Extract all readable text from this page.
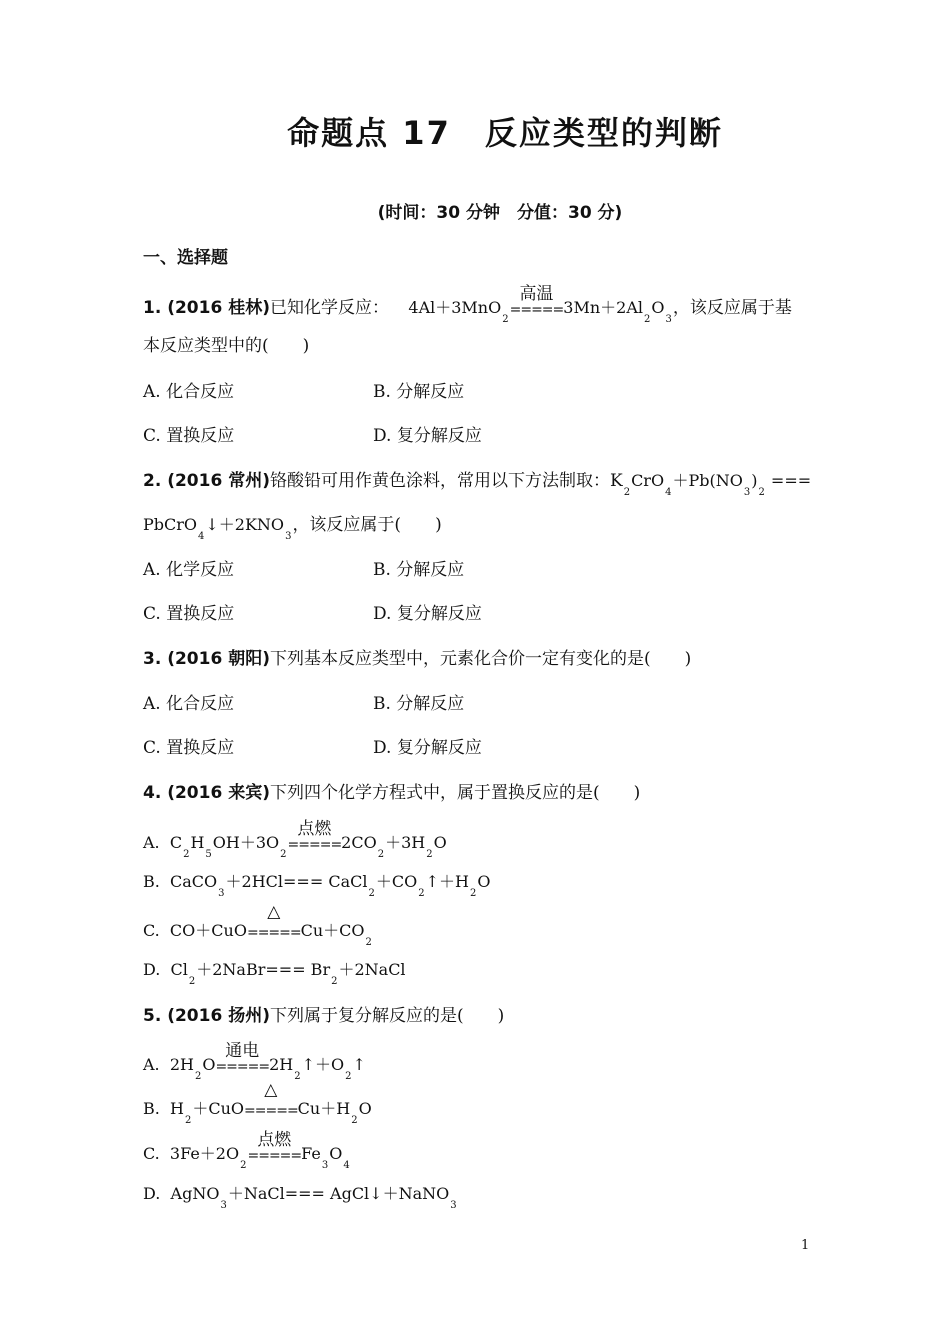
命题点 17　反应类型的判断
(时间：30 分钟　分值：30 分)
一、选择题
1. (2016 桂林)已知化学反应： 4Al＋3MnO$_2$
高温
$=====3Mn+2Al_2O_3$，该反应属于基
本反应类型中的(　　)
A. 化合反应	B. 分解反应
C. 置换反应	D. 复分解反应
2. (2016 常州)铬酸铅可用作黄色涂料，常用以下方法制取：$K_2CrO_4+Pb(NO_3)_2$ ===
$PbCrO_4↓+2KNO_3$，该反应属于(　　)
A. 化学反应	B. 分解反应
C. 置换反应	D. 复分解反应
3. (2016 朝阳)下列基本反应类型中，元素化合价一定有变化的是(　　)
A. 化合反应	B. 分解反应
C. 置换反应	D. 复分解反应
4. (2016 来宾)下列四个化学方程式中，属于置换反应的是(　　)
A.  $C_2H_5OH+3O_2$
点燃
$=====2CO_2+3H_2O$
B.  CaCO$_3$＋2HCl=== $CaCl_2+CO_2↑+H_2O$
C.  CO＋CuO
△
$=====Cu+CO_2$
D.  $Cl_2+2NaBr===$ $Br_2+2NaCl$
5. (2016 扬州)下列属于复分解反应的是(　　)
A.  $2H_2O$
通电
$=====2H_2↑+O_2↑$
B.  $H_2+CuO$
△
$=====Cu+H_2O$
C.  $3Fe+2O_2$
点燃
$=====Fe_3O_4$
D.  AgNO$_3$＋NaCl=== AgCl↓＋NaNO$_3$
1
